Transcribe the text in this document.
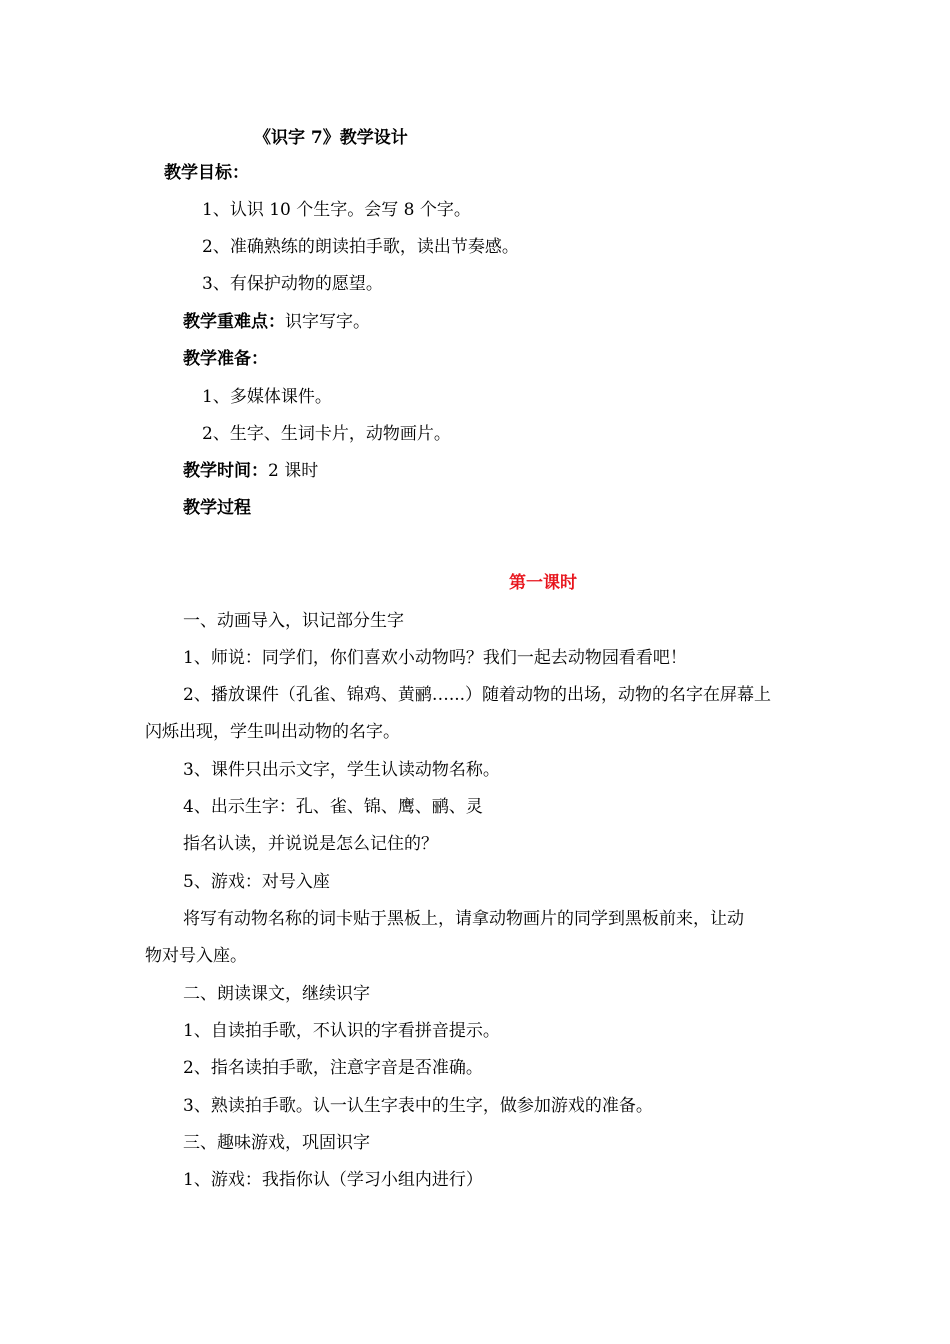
《识字 7》教学设计
教学目标：
1、认识 10 个生字。会写 8 个字。
2、准确熟练的朗读拍手歌，读出节奏感。
3、有保护动物的愿望。
教学重难点：识字写字。
教学准备：
1、多媒体课件。
2、生字、生词卡片，动物画片。
教学时间：2 课时
教学过程
第一课时
一、动画导入，识记部分生字
1、师说：同学们，你们喜欢小动物吗？我们一起去动物园看看吧！
2、播放课件（孔雀、锦鸡、黄鹂…...）随着动物的出场，动物的名字在屏幕上
闪烁出现，学生叫出动物的名字。
3、课件只出示文字，学生认读动物名称。
4、出示生字：孔、雀、锦、鹰、鹂、灵
指名认读，并说说是怎么记住的？
5、游戏：对号入座
将写有动物名称的词卡贴于黑板上，请拿动物画片的同学到黑板前来，让动
物对号入座。
二、朗读课文，继续识字
1、自读拍手歌，不认识的字看拼音提示。
2、指名读拍手歌，注意字音是否准确。
3、熟读拍手歌。认一认生字表中的生字，做参加游戏的准备。
三、趣味游戏，巩固识字
1、游戏：我指你认（学习小组内进行）
